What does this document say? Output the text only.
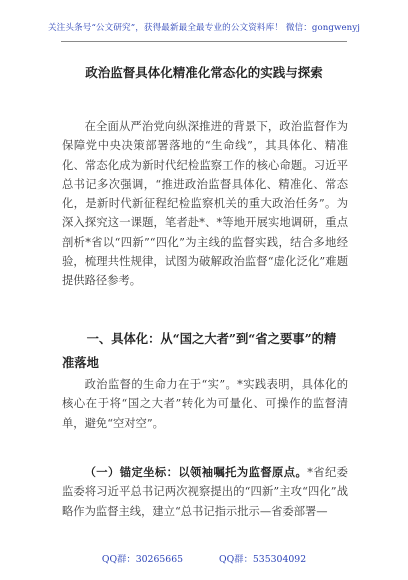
关注头条号“公文研究”，获得最新最全最专业的公文资料库！ 微信：gongwenyj
政治监督具体化精准化常态化的实践与探索

在全面从严治党向纵深推进的背景下，政治监督作为保障党中央决策部署落地的“生命线”，其具体化、精准化、常态化成为新时代纪检监察工作的核心命题。习近平总书记多次强调，“推进政治监督具体化、精准化、常态化，是新时代新征程纪检监察机关的重大政治任务”。为深入探究这一课题，笔者赴*、*等地开展实地调研，重点剖析*省以“四新”“四化”为主线的监督实践，结合多地经验，梳理共性规律，试图为破解政治监督“虚化泛化”难题提供路径参考。

一、具体化：从“国之大者”到“省之要事”的精准落地

政治监督的生命力在于“实”。*实践表明，具体化的核心在于将“国之大者”转化为可量化、可操作的监督清单，避免“空对空”。

（一）锚定坐标：以领袖嘱托为监督原点。*省纪委监委将习近平总书记两次视察提出的“四新”主攻“四化”战略作为监督主线，建立“总书记指示批示—省委部署—

QQ群：30265665	QQ群：535304092
